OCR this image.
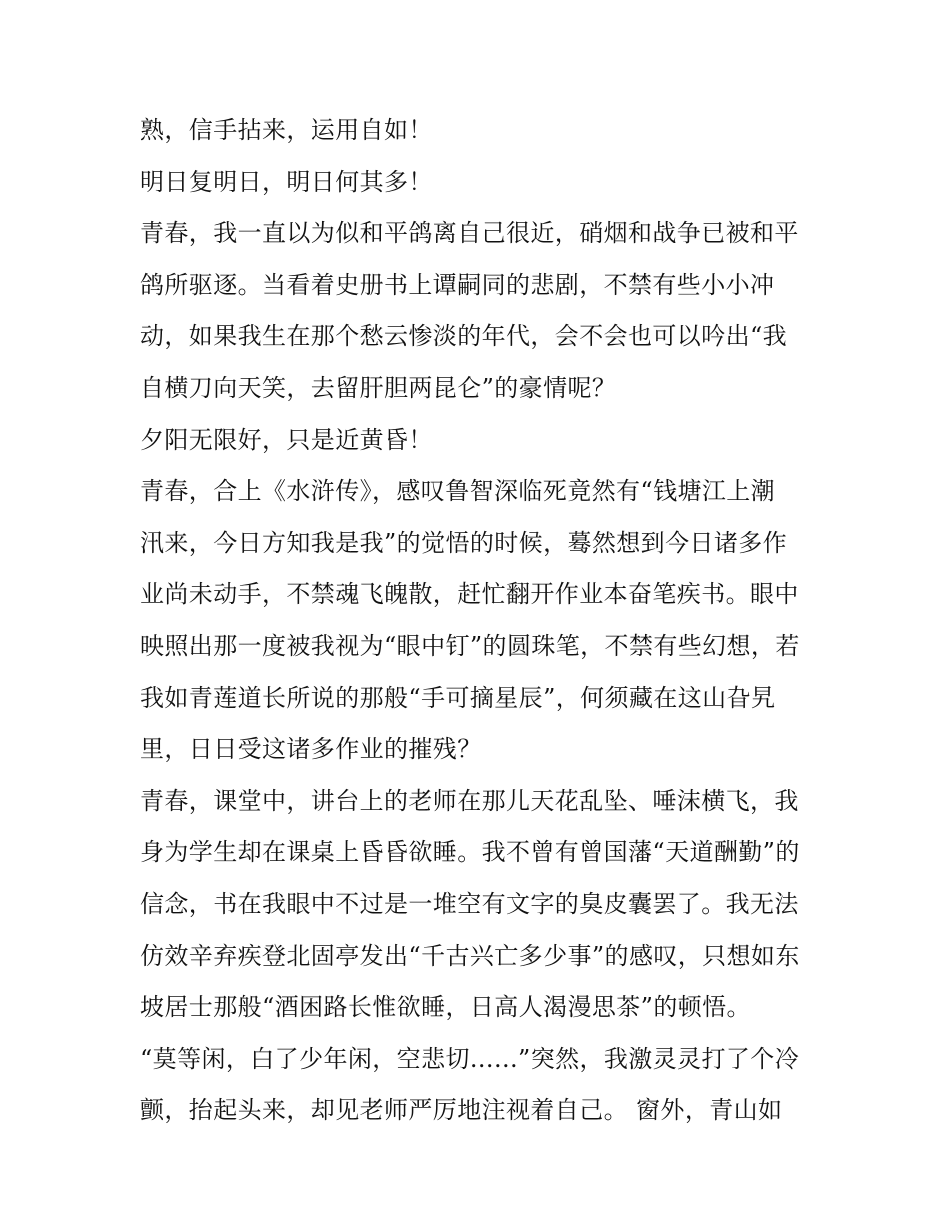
熟，信手拈来，运用自如！
明日复明日，明日何其多！
青春，我一直以为似和平鸽离自己很近，硝烟和战争已被和平
鸽所驱逐。当看着史册书上谭嗣同的悲剧，不禁有些小小冲
动，如果我生在那个愁云惨淡的年代，会不会也可以吟出“我
自横刀向天笑，去留肝胆两昆仑”的豪情呢？
夕阳无限好，只是近黄昏！
青春，合上《水浒传》，感叹鲁智深临死竟然有“钱塘江上潮
汛来，今日方知我是我”的觉悟的时候，蓦然想到今日诸多作
业尚未动手，不禁魂飞魄散，赶忙翻开作业本奋笔疾书。眼中
映照出那一度被我视为“眼中钉”的圆珠笔，不禁有些幻想，若
我如青莲道长所说的那般“手可摘星辰”，何须藏在这山旮旯
里，日日受这诸多作业的摧残？
青春，课堂中，讲台上的老师在那儿天花乱坠、唾沫横飞，我
身为学生却在课桌上昏昏欲睡。我不曾有曾国藩“天道酬勤”的
信念，书在我眼中不过是一堆空有文字的臭皮囊罢了。我无法
仿效辛弃疾登北固亭发出“千古兴亡多少事”的感叹，只想如东
坡居士那般“酒困路长惟欲睡，日高人渴漫思茶”的顿悟。
“莫等闲，白了少年闲，空悲切......”突然，我激灵灵打了个冷
颤，抬起头来，却见老师严厉地注视着自己。 窗外，青山如
